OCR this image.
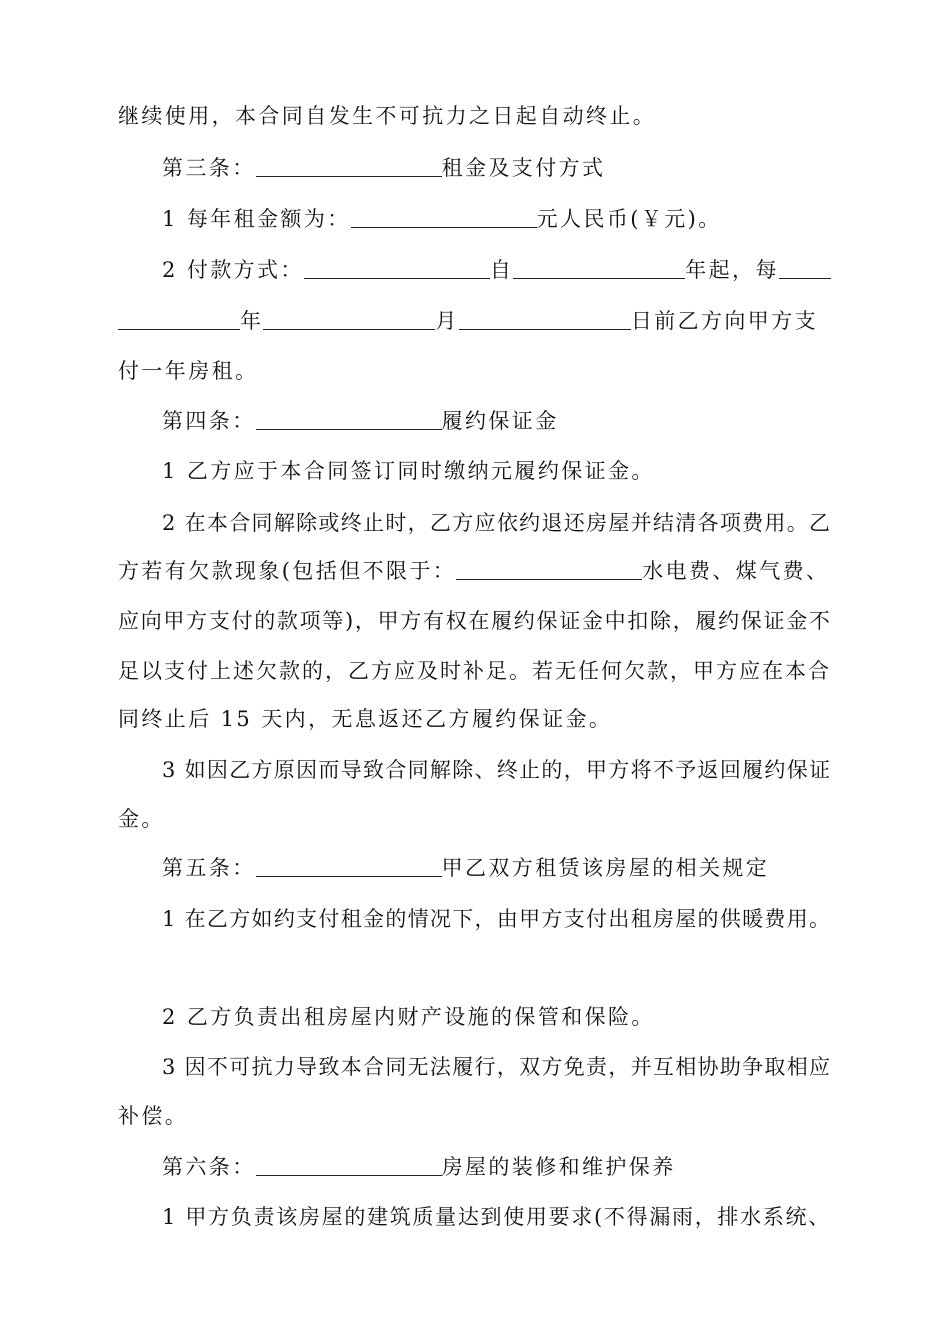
继续使用，本合同自发生不可抗力之日起自动终止。
第三条：	租金及支付方式
1 每年租金额为：	元人民币(￥元)。
2 付款方式：	自	年起，每
年	月	日前乙方向甲方支
付一年房租。
第四条：	履约保证金
1 乙方应于本合同签订同时缴纳元履约保证金。
2 在本合同解除或终止时，乙方应依约退还房屋并结清各项费用。乙
方若有欠款现象(包括但不限于：	水电费、煤气费、
应向甲方支付的款项等)，甲方有权在履约保证金中扣除，履约保证金不
足以支付上述欠款的，乙方应及时补足。若无任何欠款，甲方应在本合
同终止后 15 天内，无息返还乙方履约保证金。
3 如因乙方原因而导致合同解除、终止的，甲方将不予返回履约保证
金。
第五条：	甲乙双方租赁该房屋的相关规定
1 在乙方如约支付租金的情况下，由甲方支付出租房屋的供暖费用。
2 乙方负责出租房屋内财产设施的保管和保险。
3 因不可抗力导致本合同无法履行，双方免责，并互相协助争取相应
补偿。
第六条：	房屋的装修和维护保养
1 甲方负责该房屋的建筑质量达到使用要求(不得漏雨，排水系统、
